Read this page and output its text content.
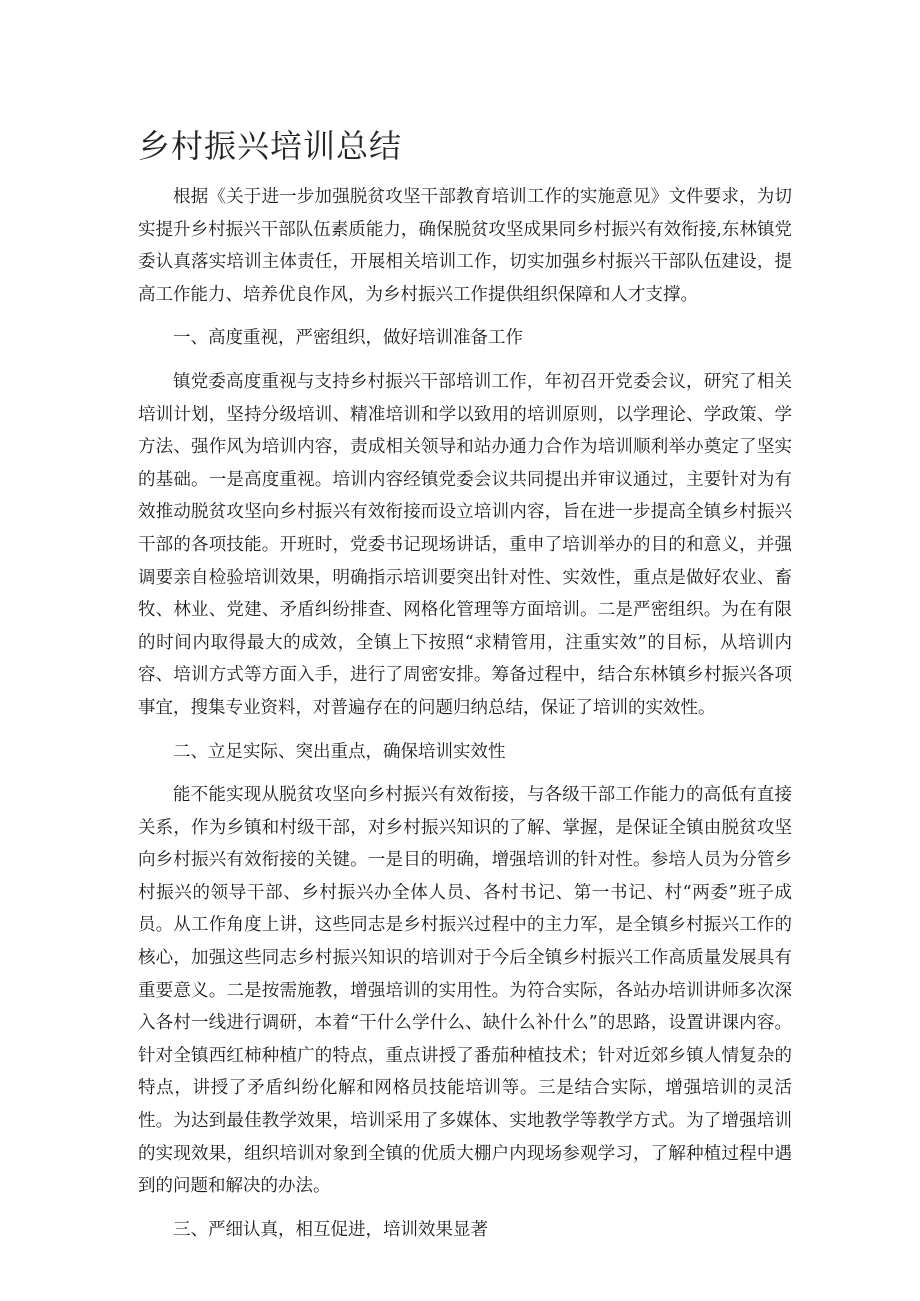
乡村振兴培训总结

根据《关于进一步加强脱贫攻坚干部教育培训工作的实施意见》文件要求，为切实提升乡村振兴干部队伍素质能力，确保脱贫攻坚成果同乡村振兴有效衔接,东林镇党委认真落实培训主体责任，开展相关培训工作，切实加强乡村振兴干部队伍建设，提高工作能力、培养优良作风，为乡村振兴工作提供组织保障和人才支撑。

一、高度重视，严密组织，做好培训准备工作

镇党委高度重视与支持乡村振兴干部培训工作，年初召开党委会议，研究了相关培训计划，坚持分级培训、精准培训和学以致用的培训原则，以学理论、学政策、学方法、强作风为培训内容，责成相关领导和站办通力合作为培训顺利举办奠定了坚实的基础。一是高度重视。培训内容经镇党委会议共同提出并审议通过，主要针对为有效推动脱贫攻坚向乡村振兴有效衔接而设立培训内容，旨在进一步提高全镇乡村振兴干部的各项技能。开班时，党委书记现场讲话，重申了培训举办的目的和意义，并强调要亲自检验培训效果，明确指示培训要突出针对性、实效性，重点是做好农业、畜牧、林业、党建、矛盾纠纷排查、网格化管理等方面培训。二是严密组织。为在有限的时间内取得最大的成效，全镇上下按照“求精管用，注重实效”的目标，从培训内容、培训方式等方面入手，进行了周密安排。筹备过程中，结合东林镇乡村振兴各项事宜，搜集专业资料，对普遍存在的问题归纳总结，保证了培训的实效性。

二、立足实际、突出重点，确保培训实效性

能不能实现从脱贫攻坚向乡村振兴有效衔接，与各级干部工作能力的高低有直接关系，作为乡镇和村级干部，对乡村振兴知识的了解、掌握，是保证全镇由脱贫攻坚向乡村振兴有效衔接的关键。一是目的明确，增强培训的针对性。参培人员为分管乡村振兴的领导干部、乡村振兴办全体人员、各村书记、第一书记、村“两委”班子成员。从工作角度上讲，这些同志是乡村振兴过程中的主力军，是全镇乡村振兴工作的核心，加强这些同志乡村振兴知识的培训对于今后全镇乡村振兴工作高质量发展具有重要意义。二是按需施教，增强培训的实用性。为符合实际，各站办培训讲师多次深入各村一线进行调研，本着“干什么学什么、缺什么补什么”的思路，设置讲课内容。针对全镇西红柿种植广的特点，重点讲授了番茄种植技术；针对近郊乡镇人情复杂的特点，讲授了矛盾纠纷化解和网格员技能培训等。三是结合实际，增强培训的灵活性。为达到最佳教学效果，培训采用了多媒体、实地教学等教学方式。为了增强培训的实现效果，组织培训对象到全镇的优质大棚户内现场参观学习，了解种植过程中遇到的问题和解决的办法。

三、严细认真，相互促进，培训效果显著
